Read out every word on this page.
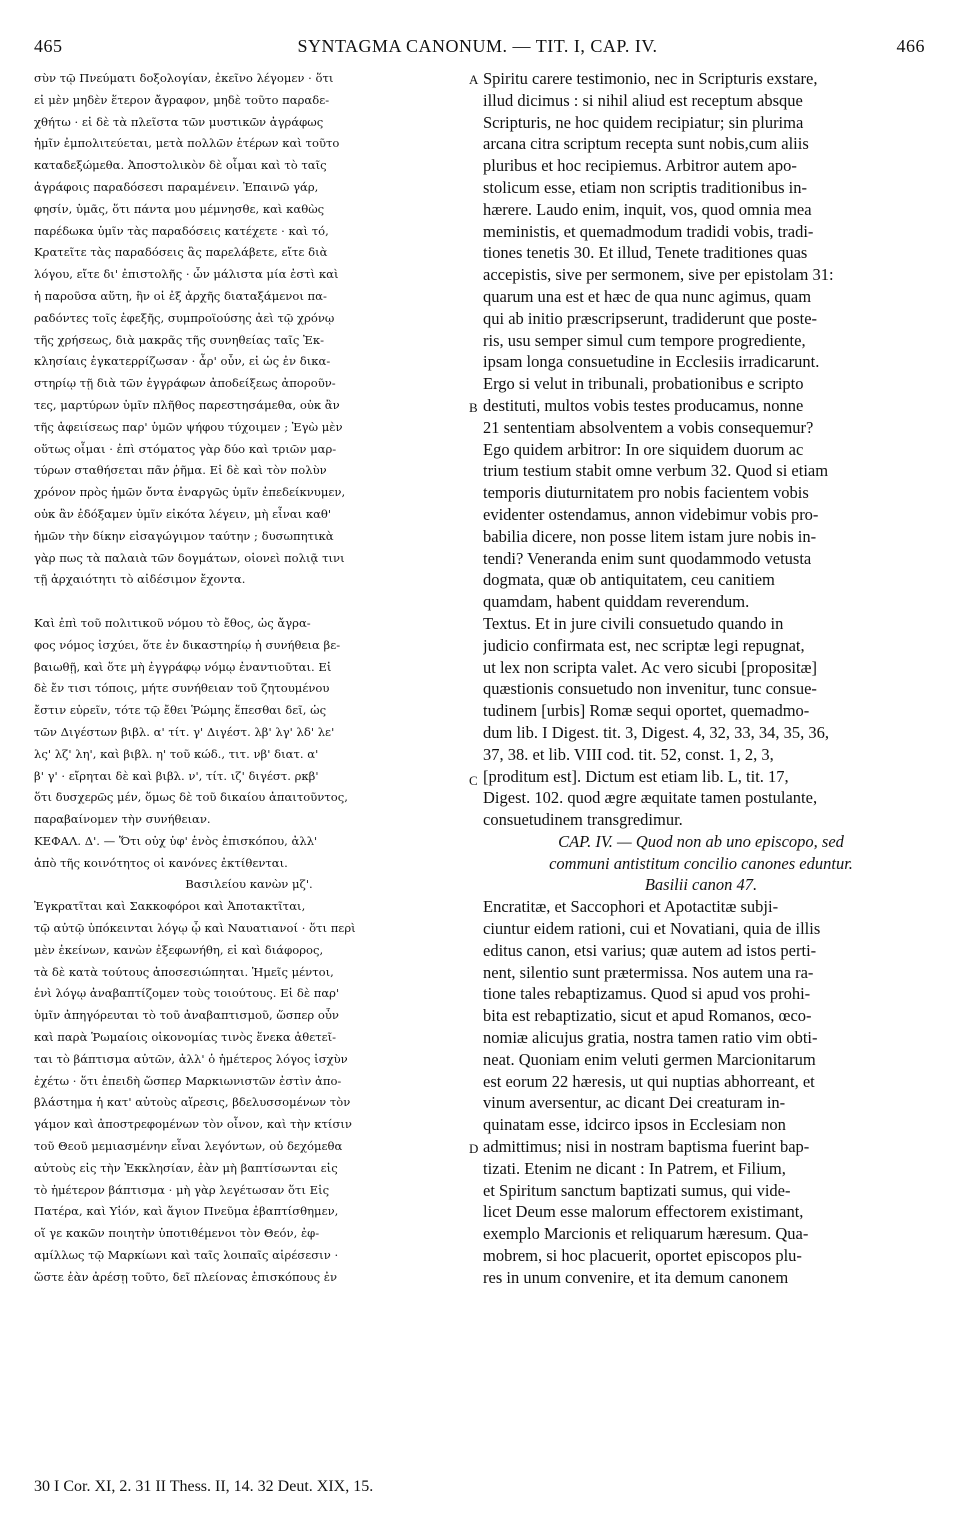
465	SYNTAGMA CANONUM. — TIT. I, CAP. IV.	466
σὺν τῷ Πνεύματι δοξολογίαν, ἐκεῖνο λέγομεν · ὅτι
εἰ μὲν μηδὲν ἕτερον ἄγραφον, μηδὲ τοῦτο παραδε-
χθήτω · εἰ δὲ τὰ πλεῖστα τῶν μυστικῶν ἀγράφως
ἡμῖν ἐμπολιτεύεται, μετὰ πολλῶν ἑτέρων καὶ τοῦτο
καταδεξώμεθα. Ἀποστολικὸν δὲ οἶμαι καὶ τὸ ταῖς
ἀγράφοις παραδόσεσι παραμένειν. Ἐπαινῶ γάρ,
φησίν, ὑμᾶς, ὅτι πάντα μου μέμνησθε, καὶ καθὼς
παρέδωκα ὑμῖν τὰς παραδόσεις κατέχετε · καὶ τό,
Κρατεῖτε τὰς παραδόσεις ἃς παρελάβετε, εἴτε διὰ
λόγου, εἴτε δι' ἐπιστολῆς · ὧν μάλιστα μία ἐστὶ καὶ
ἡ παροῦσα αὕτη, ἣν οἱ ἐξ ἀρχῆς διαταξάμενοι πα-
ραδόντες τοῖς ἐφεξῆς, συμπροϊούσης ἀεὶ τῷ χρόνῳ
τῆς χρήσεως, διὰ μακρᾶς τῆς συνηθείας ταῖς Ἐκ-
κλησίαις ἐγκατερρίζωσαν · ἆρ' οὖν, εἰ ὡς ἐν δικα-
στηρίῳ τῇ διὰ τῶν ἐγγράφων ἀποδείξεως ἀποροῦν-
τες, μαρτύρων ὑμῖν πλῆθος παρεστησάμεθα, οὐκ ἂν
τῆς ἀφειίσεως παρ' ὑμῶν ψήφου τύχοιμεν ; Ἐγὼ μὲν
οὕτως οἶμαι · ἐπὶ στόματος γὰρ δύο καὶ τριῶν μαρ-
τύρων σταθήσεται πᾶν ῥῆμα. Εἰ δὲ καὶ τὸν πολὺν
χρόνον πρὸς ἡμῶν ὄντα ἐναργῶς ὑμῖν ἐπεδείκνυμεν,
οὐκ ἂν ἐδόξαμεν ὑμῖν εἰκότα λέγειν, μὴ εἶναι καθ'
ἡμῶν τὴν δίκην εἰσαγώγιμον ταύτην ; δυσωπητικὰ
γὰρ πως τὰ παλαιὰ τῶν δογμάτων, οἱονεὶ πολιᾷ τινι
τῇ ἀρχαιότητι τὸ αἰδέσιμον ἔχοντα.
Καὶ ἐπὶ τοῦ πολιτικοῦ νόμου τὸ ἔθος, ὡς ἄγρα-
φος νόμος ἰσχύει, ὅτε ἐν δικαστηρίῳ ἡ συνήθεια βε-
βαιωθῇ, καὶ ὅτε μὴ ἐγγράφῳ νόμῳ ἐναντιοῦται. Εἰ
δὲ ἔν τισι τόποις, μήτε συνήθειαν τοῦ ζητουμένου
ἔστιν εὑρεῖν, τότε τῷ ἔθει Ῥώμης ἕπεσθαι δεῖ, ὡς
τῶν Διγέστων βιβλ. α' τίτ. γ' Διγέστ. λβ' λγ' λδ' λε'
λς' λζ' λη', καὶ βιβλ. η' τοῦ κώδ., τιτ. νβ' διατ. α'
β' γ' · εἴρηται δὲ καὶ βιβλ. ν', τίτ. ιζ' διγέστ. ρκβ'
ὅτι δυσχερῶς μέν, ὅμως δὲ τοῦ δικαίου ἀπαιτοῦντος,
παραβαίνομεν τὴν συνήθειαν.
ΚΕΦΑΛ. Δ'. — Ὅτι οὐχ ὑφ' ἑνὸς ἐπισκόπου, ἀλλ'
ἀπὸ τῆς κοινότητος οἱ κανόνες ἐκτίθενται.
Βασιλείου κανὼν μζ'.
Ἐγκρατῖται καὶ Σακκοφόροι καὶ Ἀποτακτῖται,
τῷ αὐτῷ ὑπόκεινται λόγῳ ᾧ καὶ Ναυατιανοί · ὅτι περὶ
μὲν ἐκείνων, κανὼν ἐξεφωνήθη, εἰ καὶ διάφορος,
τὰ δὲ κατὰ τούτους ἀποσεσιώπηται. Ἡμεῖς μέντοι,
ἑνὶ λόγῳ ἀναβαπτίζομεν τοὺς τοιούτους. Εἰ δὲ παρ'
ὑμῖν ἀπηγόρευται τὸ τοῦ ἀναβαπτισμοῦ, ὥσπερ οὖν
καὶ παρὰ Ῥωμαίοις οἰκονομίας τινὸς ἕνεκα ἀθετεῖ-
ται τὸ βάπτισμα αὐτῶν, ἀλλ' ὁ ἡμέτερος λόγος ἰσχὺν
ἐχέτω · ὅτι ἐπειδὴ ὥσπερ Μαρκιωνιστῶν ἐστὶν ἀπο-
βλάστημα ἡ κατ' αὐτοὺς αἵρεσις, βδελυσσομένων τὸν
γάμον καὶ ἀποστρεφομένων τὸν οἶνον, καὶ τὴν κτίσιν
τοῦ Θεοῦ μεμιασμένην εἶναι λεγόντων, οὐ δεχόμεθα
αὐτοὺς εἰς τὴν Ἐκκλησίαν, ἐὰν μὴ βαπτίσωνται εἰς
τὸ ἡμέτερον βάπτισμα · μὴ γὰρ λεγέτωσαν ὅτι Εἰς
Πατέρα, καὶ Υἱόν, καὶ ἅγιον Πνεῦμα ἐβαπτίσθημεν,
οἵ γε κακῶν ποιητὴν ὑποτιθέμενοι τὸν Θεόν, ἐφ-
αμίλλως τῷ Μαρκίωνι καὶ ταῖς λοιπαῖς αἱρέσεσιν ·
ὥστε ἐὰν ἀρέσῃ τοῦτο, δεῖ πλείονας ἐπισκόπους ἐν
Spiritu carere testimonio, nec in Scripturis exstare,
illud dicimus : si nihil aliud est receptum absque
Scripturis, ne hoc quidem recipiatur; sin plurima
arcana citra scriptum recepta sunt nobis,cum aliis
pluribus et hoc recipiemus. Arbitror autem apo-
stolicum esse, etiam non scriptis traditionibus in-
hærere. Laudo enim, inquit, vos, quod omnia mea
meministis, et quemadmodum tradidi vobis, tradi-
tiones tenetis 30. Et illud, Tenete traditiones quas
accepistis, sive per sermonem, sive per epistolam 31:
quarum una est et hæc de qua nunc agimus, quam
qui ab initio præscripserunt, tradiderunt que poste-
ris, usu semper simul cum tempore progrediente,
ipsam longa consuetudine in Ecclesiis irradicarunt.
Ergo si velut in tribunali, probationibus e scripto
destituti, multos vobis testes producamus, nonne
21 sententiam absolventem a vobis consequemur?
Ego quidem arbitror: In ore siquidem duorum ac
trium testium stabit omne verbum 32. Quod si etiam
temporis diuturnitatem pro nobis facientem vobis
evidenter ostendamus, annon videbimur vobis pro-
babilia dicere, non posse litem istam jure nobis in-
tendi? Veneranda enim sunt quodammodo vetusta
dogmata, quæ ob antiquitatem, ceu canitiem
quamdam, habent quiddam reverendum.
Textus. Et in jure civili consuetudo quando in
judicio confirmata est, nec scriptæ legi repugnat,
ut lex non scripta valet. Ac vero sicubi [propositæ]
quæstionis consuetudo non invenitur, tunc consue-
tudinem [urbis] Romæ sequi oportet, quemadmo-
dum lib. I Digest. tit. 3, Digest. 4, 32, 33, 34, 35, 36,
37, 38. et lib. VIII cod. tit. 52, const. 1, 2, 3,
[proditum est]. Dictum est etiam lib. L, tit. 17,
Digest. 102. quod ægre æquitate tamen postulante,
consuetudinem transgredimur.
CAP. IV. — Quod non ab uno episcopo, sed
communi antistitum concilio canones eduntur.
Basilii canon 47.
Encratitæ, et Saccophori et Apotactitæ subji-
ciuntur eidem rationi, cui et Novatiani, quia de illis
editus canon, etsi varius; quæ autem ad istos perti-
nent, silentio sunt prætermissa. Nos autem una ra-
tione tales rebaptizamus. Quod si apud vos prohi-
bita est rebaptizatio, sicut et apud Romanos, œco-
nomiæ alicujus gratia, nostra tamen ratio vim obti-
neat. Quoniam enim veluti germen Marcionitarum
est eorum 22 hæresis, ut qui nuptias abhorreant, et
vinum aversentur, ac dicant Dei creaturam in-
quinatam esse, idcirco ipsos in Ecclesiam non
admittimus; nisi in nostram baptisma fuerint bap-
tizati. Etenim ne dicant : In Patrem, et Filium,
et Spiritum sanctum baptizati sumus, qui vide-
licet Deum esse malorum effectorem existimant,
exemplo Marcionis et reliquarum hæresum. Qua-
mobrem, si hoc placuerit, oportet episcopos plu-
res in unum convenire, et ita demum canonem
A
B
C
D
30 I Cor. XI, 2. 31 II Thess. II, 14. 32 Deut. XIX, 15.
